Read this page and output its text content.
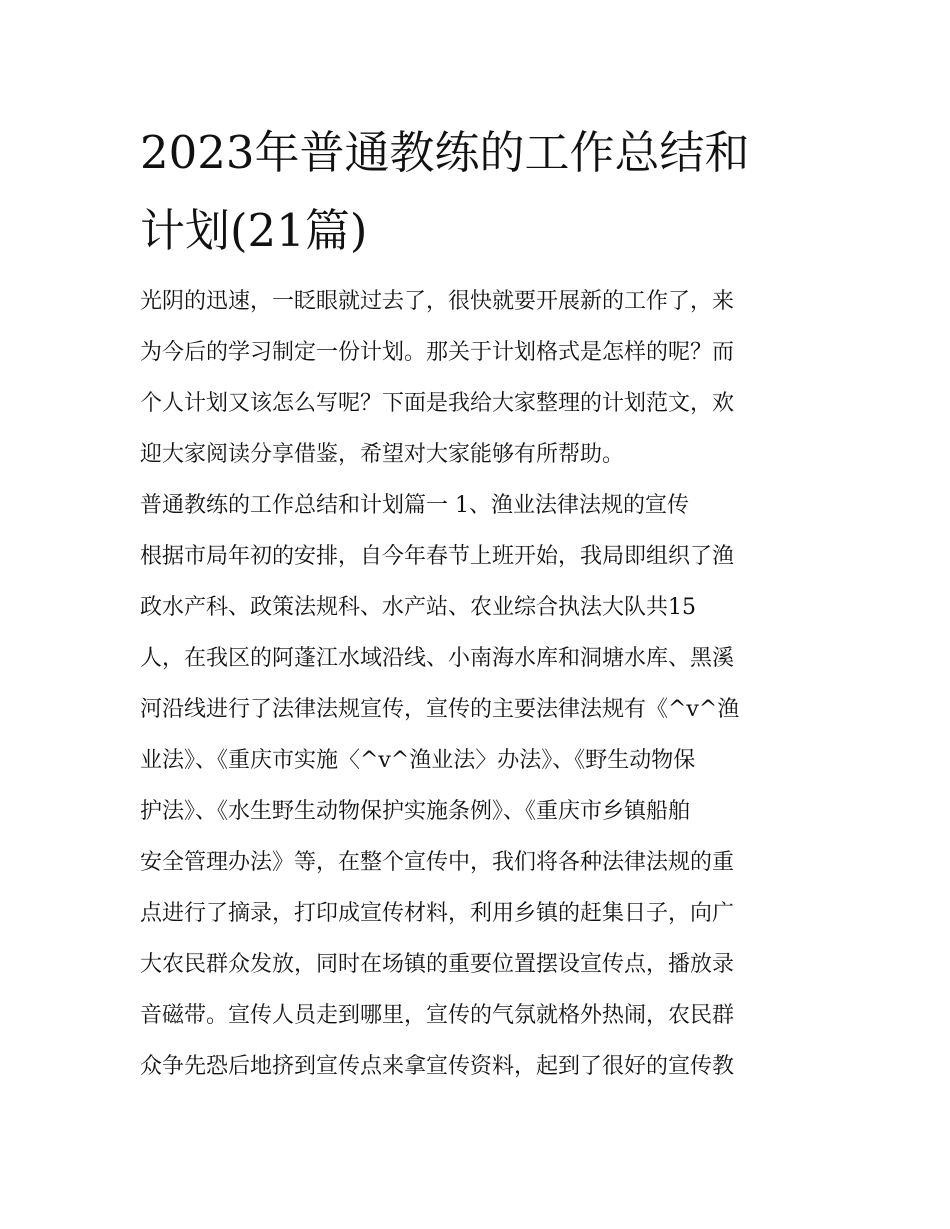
2023年普通教练的工作总结和
计划(21篇)
光阴的迅速，一眨眼就过去了，很快就要开展新的工作了，来
为今后的学习制定一份计划。那关于计划格式是怎样的呢？而
个人计划又该怎么写呢？下面是我给大家整理的计划范文，欢
迎大家阅读分享借鉴，希望对大家能够有所帮助。
普通教练的工作总结和计划篇一 1、渔业法律法规的宣传
根据市局年初的安排，自今年春节上班开始，我局即组织了渔
政水产科、政策法规科、水产站、农业综合执法大队共15
人，在我区的阿蓬江水域沿线、小南海水库和洞塘水库、黑溪
河沿线进行了法律法规宣传，宣传的主要法律法规有《^v^渔
业法》、《重庆市实施〈^v^渔业法〉办法》、《野生动物保
护法》、《水生野生动物保护实施条例》、《重庆市乡镇船舶
安全管理办法》等，在整个宣传中，我们将各种法律法规的重
点进行了摘录，打印成宣传材料，利用乡镇的赶集日子，向广
大农民群众发放，同时在场镇的重要位置摆设宣传点，播放录
音磁带。宣传人员走到哪里，宣传的气氛就格外热闹，农民群
众争先恐后地挤到宣传点来拿宣传资料，起到了很好的宣传教
